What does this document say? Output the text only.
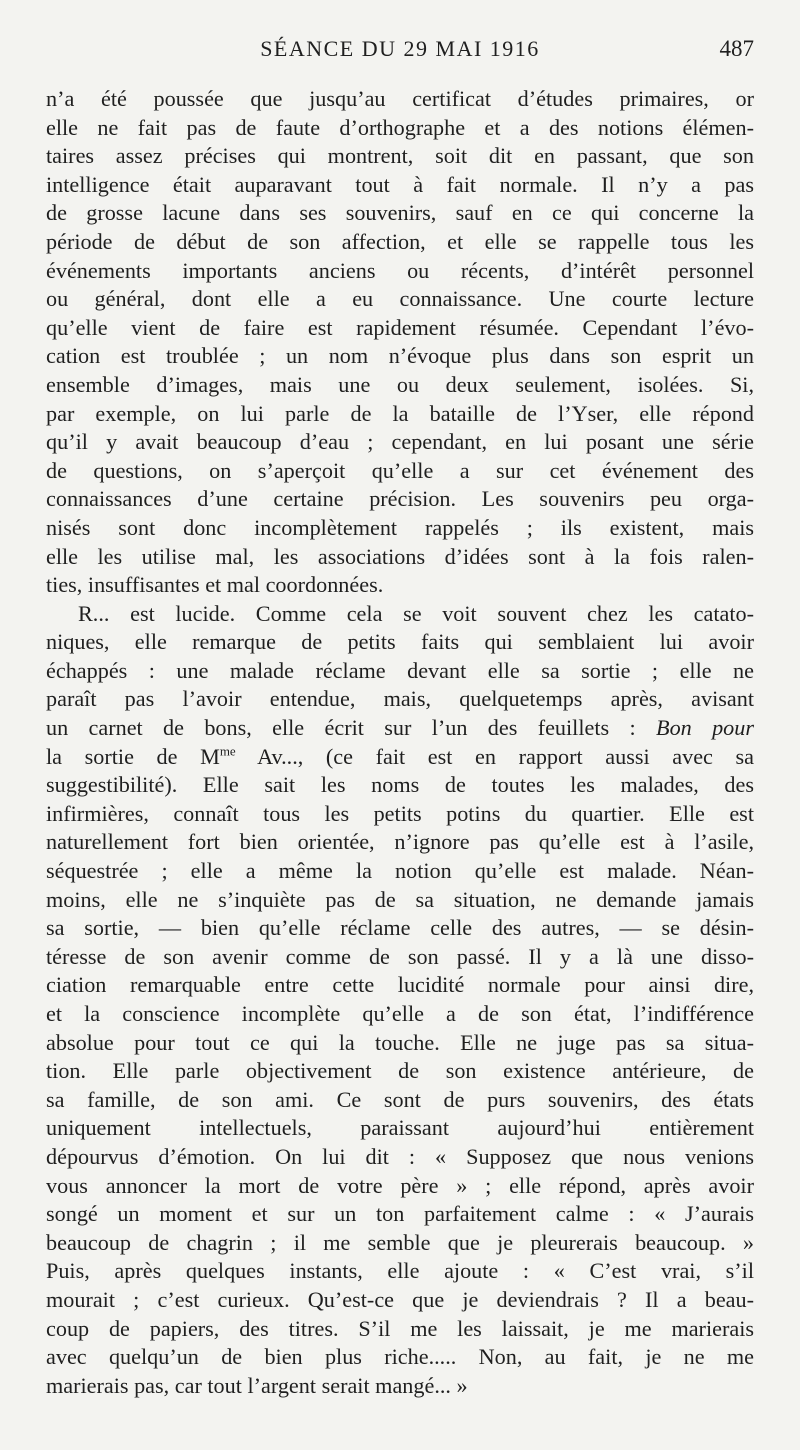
SÉANCE DU 29 MAI 1916	487
n’a été poussée que jusqu’au certificat d’études primaires, or
elle ne fait pas de faute d’orthographe et a des notions élémen-
taires assez précises qui montrent, soit dit en passant, que son
intelligence était auparavant tout à fait normale. Il n’y a pas
de grosse lacune dans ses souvenirs, sauf en ce qui concerne la
période de début de son affection, et elle se rappelle tous les
événements importants anciens ou récents, d’intérêt personnel
ou général, dont elle a eu connaissance. Une courte lecture
qu’elle vient de faire est rapidement résumée. Cependant l’évo-
cation est troublée ; un nom n’évoque plus dans son esprit un
ensemble d’images, mais une ou deux seulement, isolées. Si,
par exemple, on lui parle de la bataille de l’Yser, elle répond
qu’il y avait beaucoup d’eau ; cependant, en lui posant une série
de questions, on s’aperçoit qu’elle a sur cet événement des
connaissances d’une certaine précision. Les souvenirs peu orga-
nisés sont donc incomplètement rappelés ; ils existent, mais
elle les utilise mal, les associations d’idées sont à la fois ralen-
ties, insuffisantes et mal coordonnées.
R... est lucide. Comme cela se voit souvent chez les catato-
niques, elle remarque de petits faits qui semblaient lui avoir
échappés : une malade réclame devant elle sa sortie ; elle ne
paraît pas l’avoir entendue, mais, quelquetemps après, avisant
un carnet de bons, elle écrit sur l’un des feuillets : Bon pour
la sortie de $M^{me}$ Av..., (ce fait est en rapport aussi avec sa
suggestibilité). Elle sait les noms de toutes les malades, des
infirmières, connaît tous les petits potins du quartier. Elle est
naturellement fort bien orientée, n’ignore pas qu’elle est à l’asile,
séquestrée ; elle a même la notion qu’elle est malade. Néan-
moins, elle ne s’inquiète pas de sa situation, ne demande jamais
sa sortie, — bien qu’elle réclame celle des autres, — se désin-
téresse de son avenir comme de son passé. Il y a là une disso-
ciation remarquable entre cette lucidité normale pour ainsi dire,
et la conscience incomplète qu’elle a de son état, l’indifférence
absolue pour tout ce qui la touche. Elle ne juge pas sa situa-
tion. Elle parle objectivement de son existence antérieure, de
sa famille, de son ami. Ce sont de purs souvenirs, des états
uniquement intellectuels, paraissant aujourd’hui entièrement
dépourvus d’émotion. On lui dit : « Supposez que nous venions
vous annoncer la mort de votre père » ; elle répond, après avoir
songé un moment et sur un ton parfaitement calme : « J’aurais
beaucoup de chagrin ; il me semble que je pleurerais beaucoup. »
Puis, après quelques instants, elle ajoute : « C’est vrai, s’il
mourait ; c’est curieux. Qu’est-ce que je deviendrais ? Il a beau-
coup de papiers, des titres. S’il me les laissait, je me marierais
avec quelqu’un de bien plus riche..... Non, au fait, je ne me
marierais pas, car tout l’argent serait mangé... »
